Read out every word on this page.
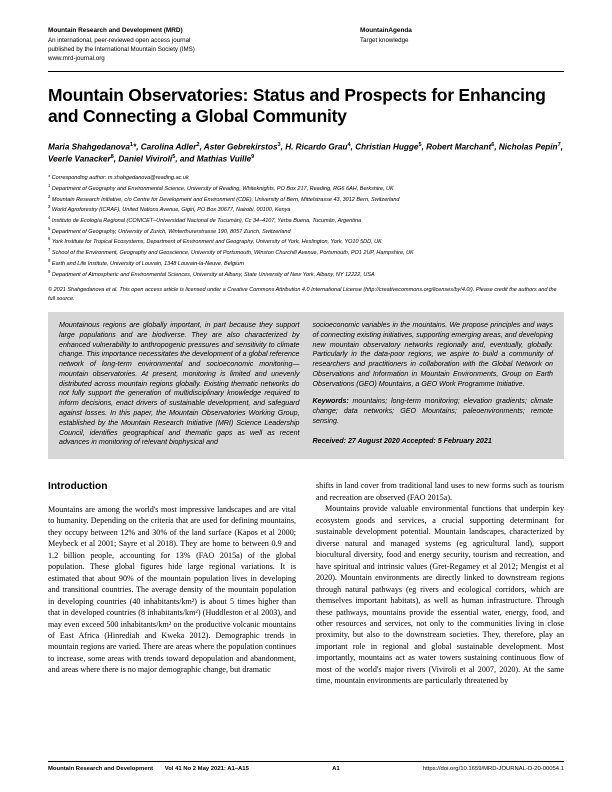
Mountain Research and Development (MRD)
An international, peer-reviewed open access journal
published by the International Mountain Society (IMS)
www.mrd-journal.org
MountainAgenda
Target knowledge
Mountain Observatories: Status and Prospects for Enhancing and Connecting a Global Community
Maria Shahgedanova$^1$*, Carolina Adler$^2$, Aster Gebrekirstos$^3$, H. Ricardo Grau$^4$, Christian Hugge$^5$, Robert Marchant$^6$, Nicholas Pepin$^7$, Veerle Vanacker$^8$, Daniel Viviroli$^5$, and Mathias Vuille$^9$
* Corresponding author: m.shahgedanova@reading.ac.uk
$^1$ Department of Geography and Environmental Science, University of Reading, Whiteknights, PO Box 217, Reading, RG6 6AH, Berkshire, UK
$^2$ Mountain Research Initiative, c/o Centre for Development and Environment (CDE), University of Bern, Mittelstrasse 43, 3012 Bern, Switzerland
$^3$ World Agroforestry (ICRAF), United Nations Avenue, Gigiri, PO Box 30677, Nairobi, 00100, Kenya
$^4$ Instituto de Ecología Regional (CONICET–Universidad Nacional de Tucumán), Cc 34–4107, Yerba Buena, Tucumán, Argentina
$^5$ Department of Geography, University of Zurich, Winterthurerstrasse 190, 8057 Zurich, Switzerland
$^6$ York Institute for Tropical Ecosystems, Department of Environment and Geography, University of York, Heslington, York, YO10 5DD, UK
$^7$ School of the Environment, Geography and Geoscience, University of Portsmouth, Winston Churchill Avenue, Portsmouth, PO1 2UP, Hampshire, UK
$^8$ Earth and Life Institute, University of Louvain, 1348 Louvain-la-Neuve, Belgium
$^9$ Department of Atmospheric and Environmental Sciences, University at Albany, State University of New York, Albany, NY 12222, USA
© 2021 Shahgedanova et al. This open access article is licensed under a Creative Commons Attribution 4.0 International License (http://creativecommons.org/licenses/by/4.0/). Please credit the authors and the full source.

Mountainous regions are globally important, in part because they support large populations and are biodiverse. They are also characterized by enhanced vulnerability to anthropogenic pressures and sensitivity to climate change. This importance necessitates the development of a global reference network of long-term environmental and socioeconomic monitoring—mountain observatories. At present, monitoring is limited and unevenly distributed across mountain regions globally. Existing thematic networks do not fully support the generation of multidisciplinary knowledge required to inform decisions, enact drivers of sustainable development, and safeguard against losses. In this paper, the Mountain Observatories Working Group, established by the Mountain Research Initiative (MRI) Science Leadership Council, identifies geographical and thematic gaps as well as recent advances in monitoring of relevant biophysical and

socioeconomic variables in the mountains. We propose principles and ways of connecting existing initiatives, supporting emerging areas, and developing new mountain observatory networks regionally and, eventually, globally. Particularly in the data-poor regions, we aspire to build a community of researchers and practitioners in collaboration with the Global Network on Observations and Information in Mountain Environments, Group on Earth Observations (GEO) Mountains, a GEO Work Programme Initiative.

Keywords: mountains; long-term monitoring; elevation gradients; climate change; data networks; GEO Mountains; paleoenvironments; remote sensing.

Received: 27 August 2020 Accepted: 5 February 2021
Introduction

Mountains are among the world's most impressive landscapes and are vital to humanity. Depending on the criteria that are used for defining mountains, they occupy between 12% and 30% of the land surface (Kapos et al 2000; Meybeck et al 2001; Sayre et al 2018). They are home to between 0.9 and 1.2 billion people, accounting for 13% (FAO 2015a) of the global population. These global figures hide large regional variations. It is estimated that about 90% of the mountain population lives in developing and transitional countries. The average density of the mountain population in developing countries (40 inhabitants/km²) is about 5 times higher than that in developed countries (8 inhabitants/km²) (Huddleston et al 2003), and may even exceed 500 inhabitants/km² on the productive volcanic mountains of East Africa (Hinrediah and Kweka 2012). Demographic trends in mountain regions are varied. There are areas where the population continues to increase, some areas with trends toward depopulation and abandonment, and areas where there is no major demographic change, but dramatic

shifts in land cover from traditional land uses to new forms such as tourism and recreation are observed (FAO 2015a).

Mountains provide valuable environmental functions that underpin key ecosystem goods and services, a crucial supporting determinant for sustainable development potential. Mountain landscapes, characterized by diverse natural and managed systems (eg agricultural land), support biocultural diversity, food and energy security, tourism and recreation, and have spiritual and intrinsic values (Gret-Regamey et al 2012; Mengist et al 2020). Mountain environments are directly linked to downstream regions through natural pathways (eg rivers and ecological corridors, which are themselves important habitats), as well as human infrastructure. Through these pathways, mountains provide the essential water, energy, food, and other resources and services, not only to the communities living in close proximity, but also to the downstream societies. They, therefore, play an important role in regional and global sustainable development. Most importantly, mountains act as water towers sustaining continuous flow of most of the world's major rivers (Viviroli et al 2007, 2020). At the same time, mountain environments are particularly threatened by

Mountain Research and Development Vol 41 No 2 May 2021: A1–A15	A1	https://doi.org/10.1659/MRD-JOURNAL-D-20-00054.1
